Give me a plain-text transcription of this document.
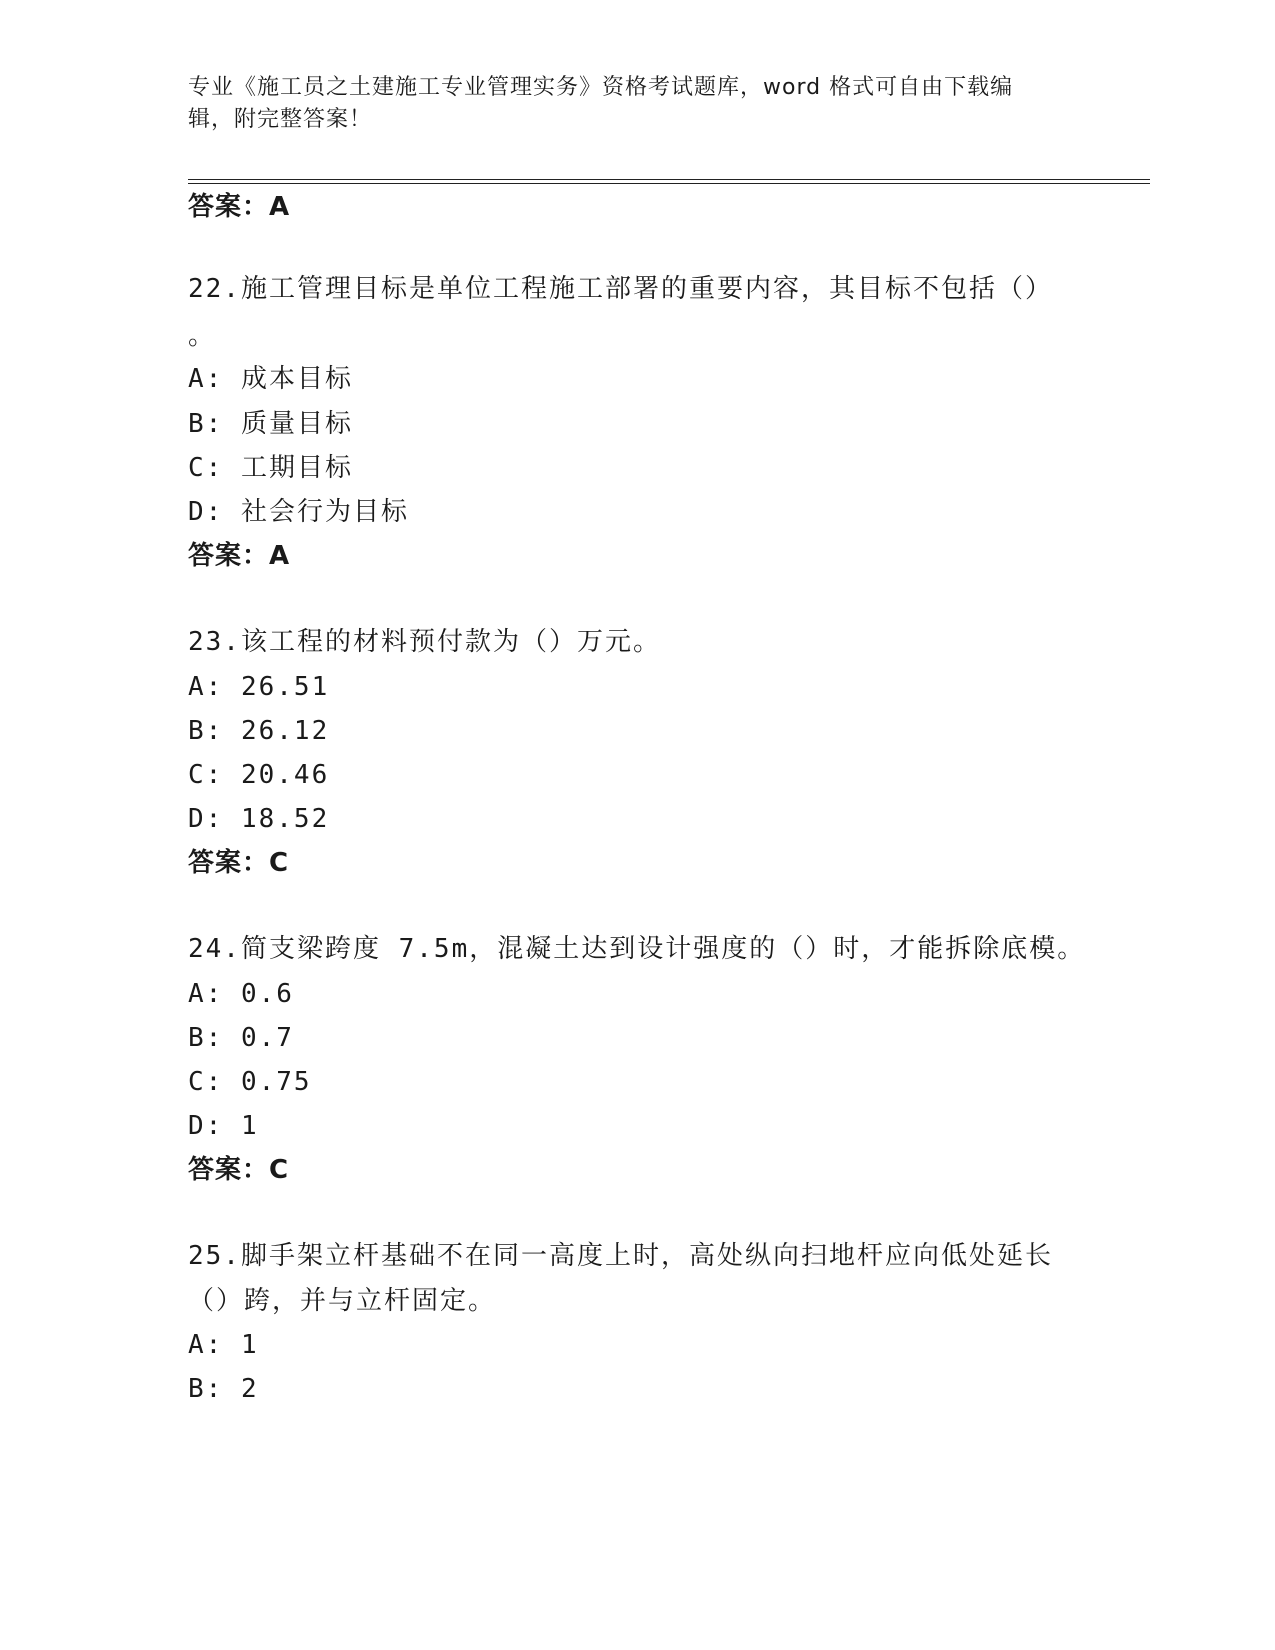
专业《施工员之土建施工专业管理实务》资格考试题库，word 格式可自由下载编
辑，附完整答案！
答案：A
22.施工管理目标是单位工程施工部署的重要内容，其目标不包括（）
。
A: 成本目标
B: 质量目标
C: 工期目标
D: 社会行为目标
答案：A
23.该工程的材料预付款为（）万元。
A: 26.51
B: 26.12
C: 20.46
D: 18.52
答案：C
24.简支梁跨度 7.5m，混凝土达到设计强度的（）时，才能拆除底模。
A: 0.6
B: 0.7
C: 0.75
D: 1
答案：C
25.脚手架立杆基础不在同一高度上时，高处纵向扫地杆应向低处延长
（）跨，并与立杆固定。
A: 1
B: 2
